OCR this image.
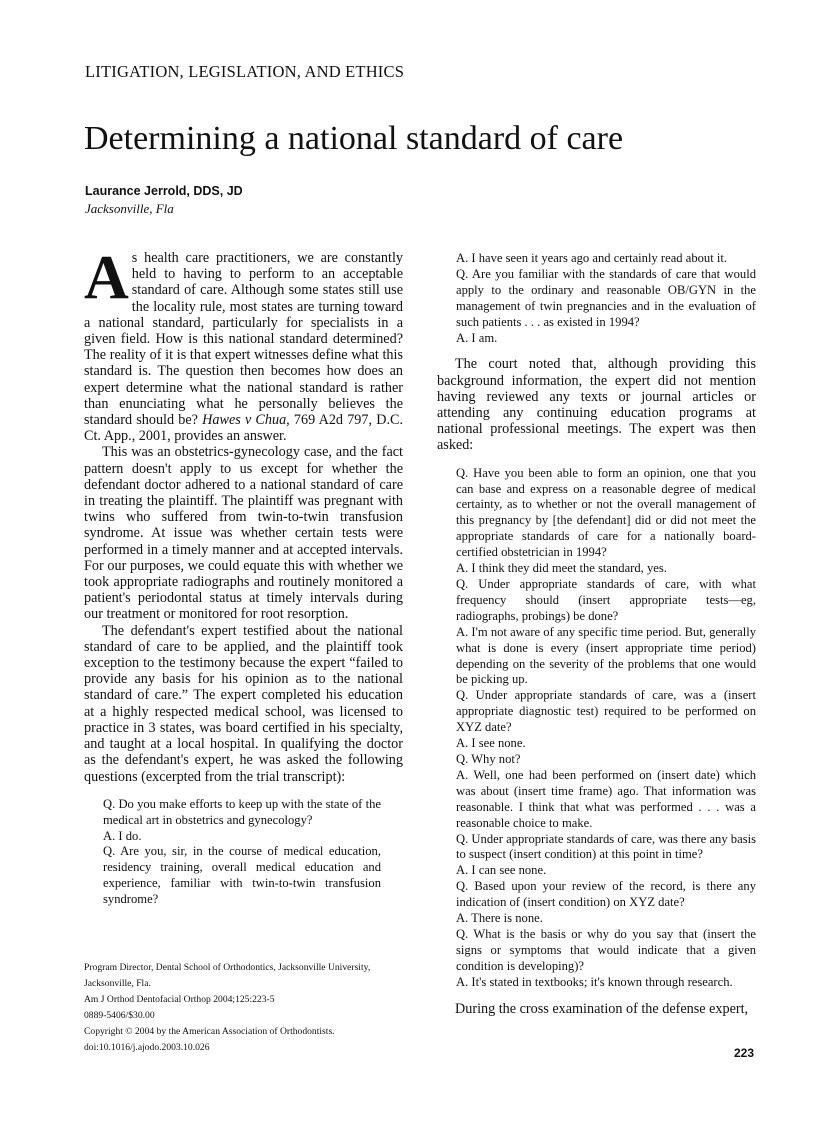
LITIGATION, LEGISLATION, AND ETHICS
Determining a national standard of care
Laurance Jerrold, DDS, JD
Jacksonville, Fla

As health care practitioners, we are constantly held to having to perform to an acceptable standard of care. Although some states still use the locality rule, most states are turning toward a national standard, particularly for specialists in a given field. How is this national standard determined? The reality of it is that expert witnesses define what this standard is. The question then becomes how does an expert determine what the national standard is rather than enunciating what he personally believes the standard should be? Hawes v Chua, 769 A2d 797, D.C. Ct. App., 2001, provides an answer.

This was an obstetrics-gynecology case, and the fact pattern doesn't apply to us except for whether the defendant doctor adhered to a national standard of care in treating the plaintiff. The plaintiff was pregnant with twins who suffered from twin-to-twin transfusion syndrome. At issue was whether certain tests were performed in a timely manner and at accepted intervals. For our purposes, we could equate this with whether we took appropriate radiographs and routinely monitored a patient's periodontal status at timely intervals during our treatment or monitored for root resorption.

The defendant's expert testified about the national standard of care to be applied, and the plaintiff took exception to the testimony because the expert “failed to provide any basis for his opinion as to the national standard of care.” The expert completed his education at a highly respected medical school, was licensed to practice in 3 states, was board certified in his specialty, and taught at a local hospital. In qualifying the doctor as the defendant's expert, he was asked the following questions (excerpted from the trial transcript):

Q. Do you make efforts to keep up with the state of the medical art in obstetrics and gynecology?

A. I do.

Q. Are you, sir, in the course of medical education, residency training, overall medical education and experience, familiar with twin-to-twin transfusion syndrome?

A. I have seen it years ago and certainly read about it.

Q. Are you familiar with the standards of care that would apply to the ordinary and reasonable OB/GYN in the management of twin pregnancies and in the evaluation of such patients . . . as existed in 1994?

A. I am.

The court noted that, although providing this background information, the expert did not mention having reviewed any texts or journal articles or attending any continuing education programs at national professional meetings. The expert was then asked:

Q. Have you been able to form an opinion, one that you can base and express on a reasonable degree of medical certainty, as to whether or not the overall management of this pregnancy by [the defendant] did or did not meet the appropriate standards of care for a nationally board-certified obstetrician in 1994?

A. I think they did meet the standard, yes.

Q. Under appropriate standards of care, with what frequency should (insert appropriate tests—eg, radiographs, probings) be done?

A. I'm not aware of any specific time period. But, generally what is done is every (insert appropriate time period) depending on the severity of the problems that one would be picking up.

Q. Under appropriate standards of care, was a (insert appropriate diagnostic test) required to be performed on XYZ date?

A. I see none.

Q. Why not?

A. Well, one had been performed on (insert date) which was about (insert time frame) ago. That information was reasonable. I think that what was performed . . . was a reasonable choice to make.

Q. Under appropriate standards of care, was there any basis to suspect (insert condition) at this point in time?

A. I can see none.

Q. Based upon your review of the record, is there any indication of (insert condition) on XYZ date?

A. There is none.

Q. What is the basis or why do you say that (insert the signs or symptoms that would indicate that a given condition is developing)?

A. It's stated in textbooks; it's known through research.

During the cross examination of the defense expert,

Program Director, Dental School of Orthodontics, Jacksonville University, Jacksonville, Fla.
Am J Orthod Dentofacial Orthop 2004;125:223-5
0889-5406/$30.00
Copyright © 2004 by the American Association of Orthodontists.
doi:10.1016/j.ajodo.2003.10.026	223
